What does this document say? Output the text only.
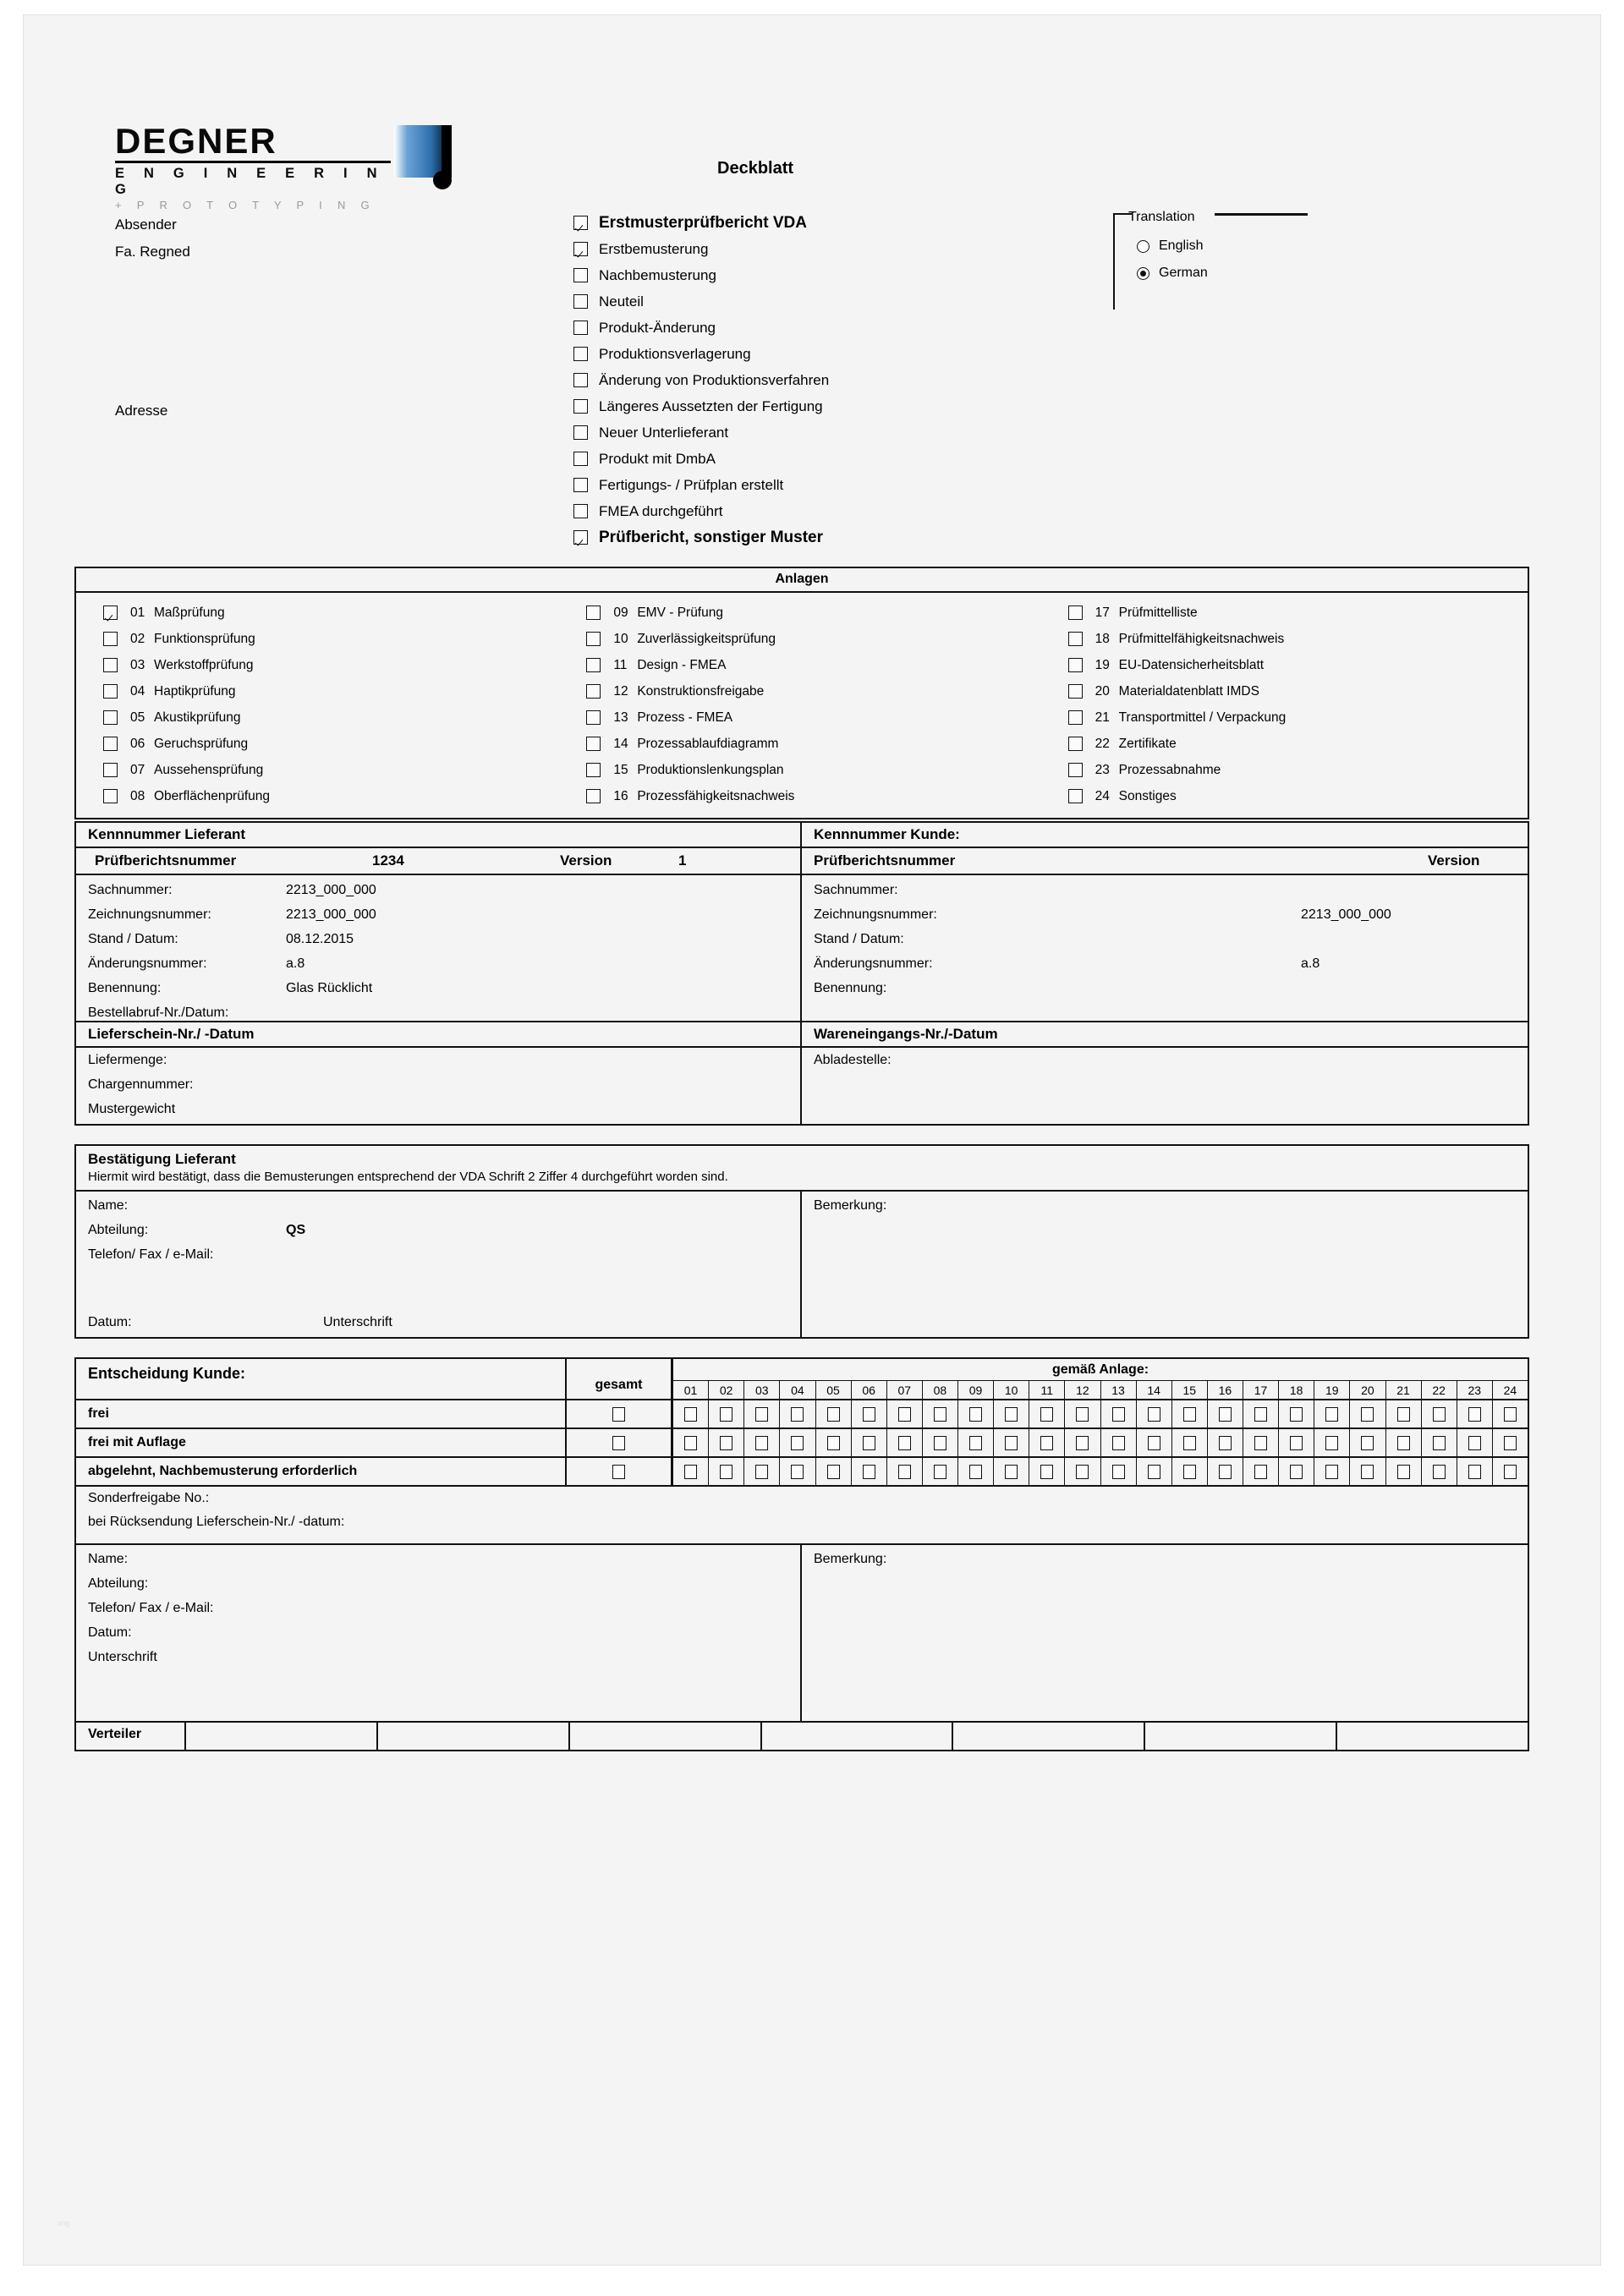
DEGNER
E N G I N E E R I N G
+ P R O T O T Y P I N G
Deckblatt
Absender
Fa. Regned
Adresse
Erstmusterprüfbericht VDA
Erstbemusterung
Nachbemusterung
Neuteil
Produkt-Änderung
Produktionsverlagerung
Änderung von Produktionsverfahren
Längeres Aussetzten der Fertigung
Neuer Unterlieferant
Produkt mit DmbA
Fertigungs- / Prüfplan erstellt
FMEA durchgeführt
Prüfbericht, sonstiger Muster
Translation
English
German
Anlagen
01 Maßprüfung
02 Funktionsprüfung
03 Werkstoffprüfung
04 Haptikprüfung
05 Akustikprüfung
06 Geruchsprüfung
07 Aussehensprüfung
08 Oberflächenprüfung
09 EMV - Prüfung
10 Zuverlässigkeitsprüfung
11 Design - FMEA
12 Konstruktionsfreigabe
13 Prozess - FMEA
14 Prozessablaufdiagramm
15 Produktionslenkungsplan
16 Prozessfähigkeitsnachweis
17 Prüfmittelliste
18 Prüfmittelfähigkeitsnachweis
19 EU-Datensicherheitsblatt
20 Materialdatenblatt IMDS
21 Transportmittel / Verpackung
22 Zertifikate
23 Prozessabnahme
24 Sonstiges
Kennnummer Lieferant
Prüfberichtsnummer	1234	Version	1
Sachnummer:	2213_000_000
Zeichnungsnummer:	2213_000_000
Stand / Datum:	08.12.2015
Änderungsnummer:	a.8
Benennung:	Glas Rücklicht
Bestellabruf-Nr./Datum:
Kennnummer Kunde:
Prüfberichtsnummer	Version
Sachnummer:
Zeichnungsnummer:	2213_000_000
Stand / Datum:
Änderungsnummer:	a.8
Benennung:
Lieferschein-Nr./ -Datum
Liefermenge:
Chargennummer:
Mustergewicht
Wareneingangs-Nr./-Datum
Abladestelle:
Bestätigung Lieferant
Hiermit wird bestätigt, dass die Bemusterungen entsprechend der VDA Schrift 2 Ziffer 4 durchgeführt worden sind.
Name:
Abteilung:	QS
Telefon/ Fax / e-Mail:
Datum:	Unterschrift
Bemerkung:
Entscheidung Kunde:
gesamt
gemäß Anlage:
01	02	03	04	05	06	07	08	09	10	11	12	13	14	15	16	17	18	19	20	21	22	23	24
frei
frei mit Auflage
abgelehnt, Nachbemusterung erforderlich
Sonderfreigabe No.:
bei Rücksendung Lieferschein-Nr./ -datum:
Name:
Abteilung:
Telefon/ Fax / e-Mail:
Datum:
Unterschrift
Bemerkung:
Verteiler
img
